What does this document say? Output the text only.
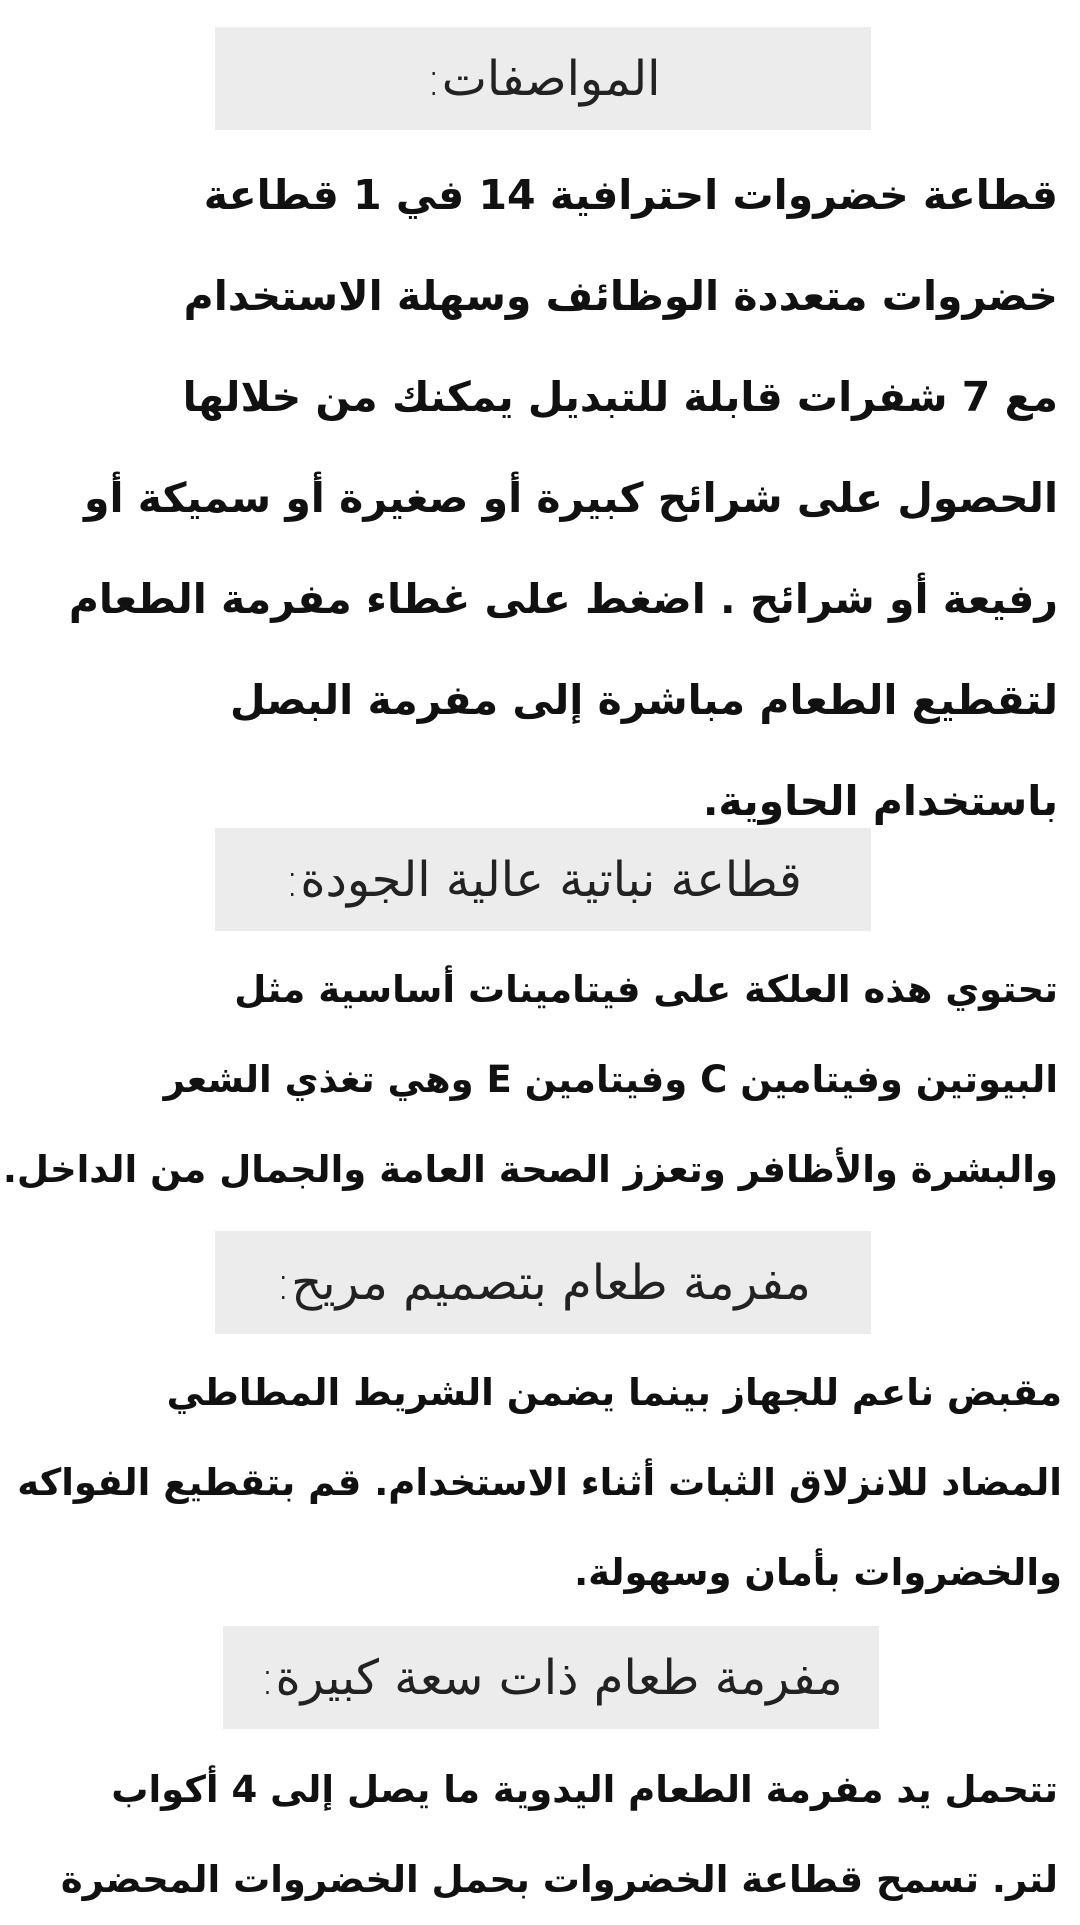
المواصفات:
قطاعة خضروات احترافية 14 في 1 قطاعة
خضروات متعددة الوظائف وسهلة الاستخدام
مع 7 شفرات قابلة للتبديل يمكنك من خلالها
الحصول على شرائح كبيرة أو صغيرة أو سميكة أو
رفيعة أو شرائح . اضغط على غطاء مفرمة الطعام
لتقطيع الطعام مباشرة إلى مفرمة البصل
باستخدام الحاوية.
قطاعة نباتية عالية الجودة:
تحتوي هذه العلكة على فيتامينات أساسية مثل
البيوتين وفيتامين C وفيتامين E وهي تغذي الشعر
والبشرة والأظافر وتعزز الصحة العامة والجمال من الداخل.
مفرمة طعام بتصميم مريح:
مقبض ناعم للجهاز بينما يضمن الشريط المطاطي
المضاد للانزلاق الثبات أثناء الاستخدام. قم بتقطيع الفواكه
والخضروات بأمان وسهولة.
مفرمة طعام ذات سعة كبيرة:
تتحمل يد مفرمة الطعام اليدوية ما يصل إلى 4 أكواب
لتر. تسمح قطاعة الخضروات بحمل الخضروات المحضرة
